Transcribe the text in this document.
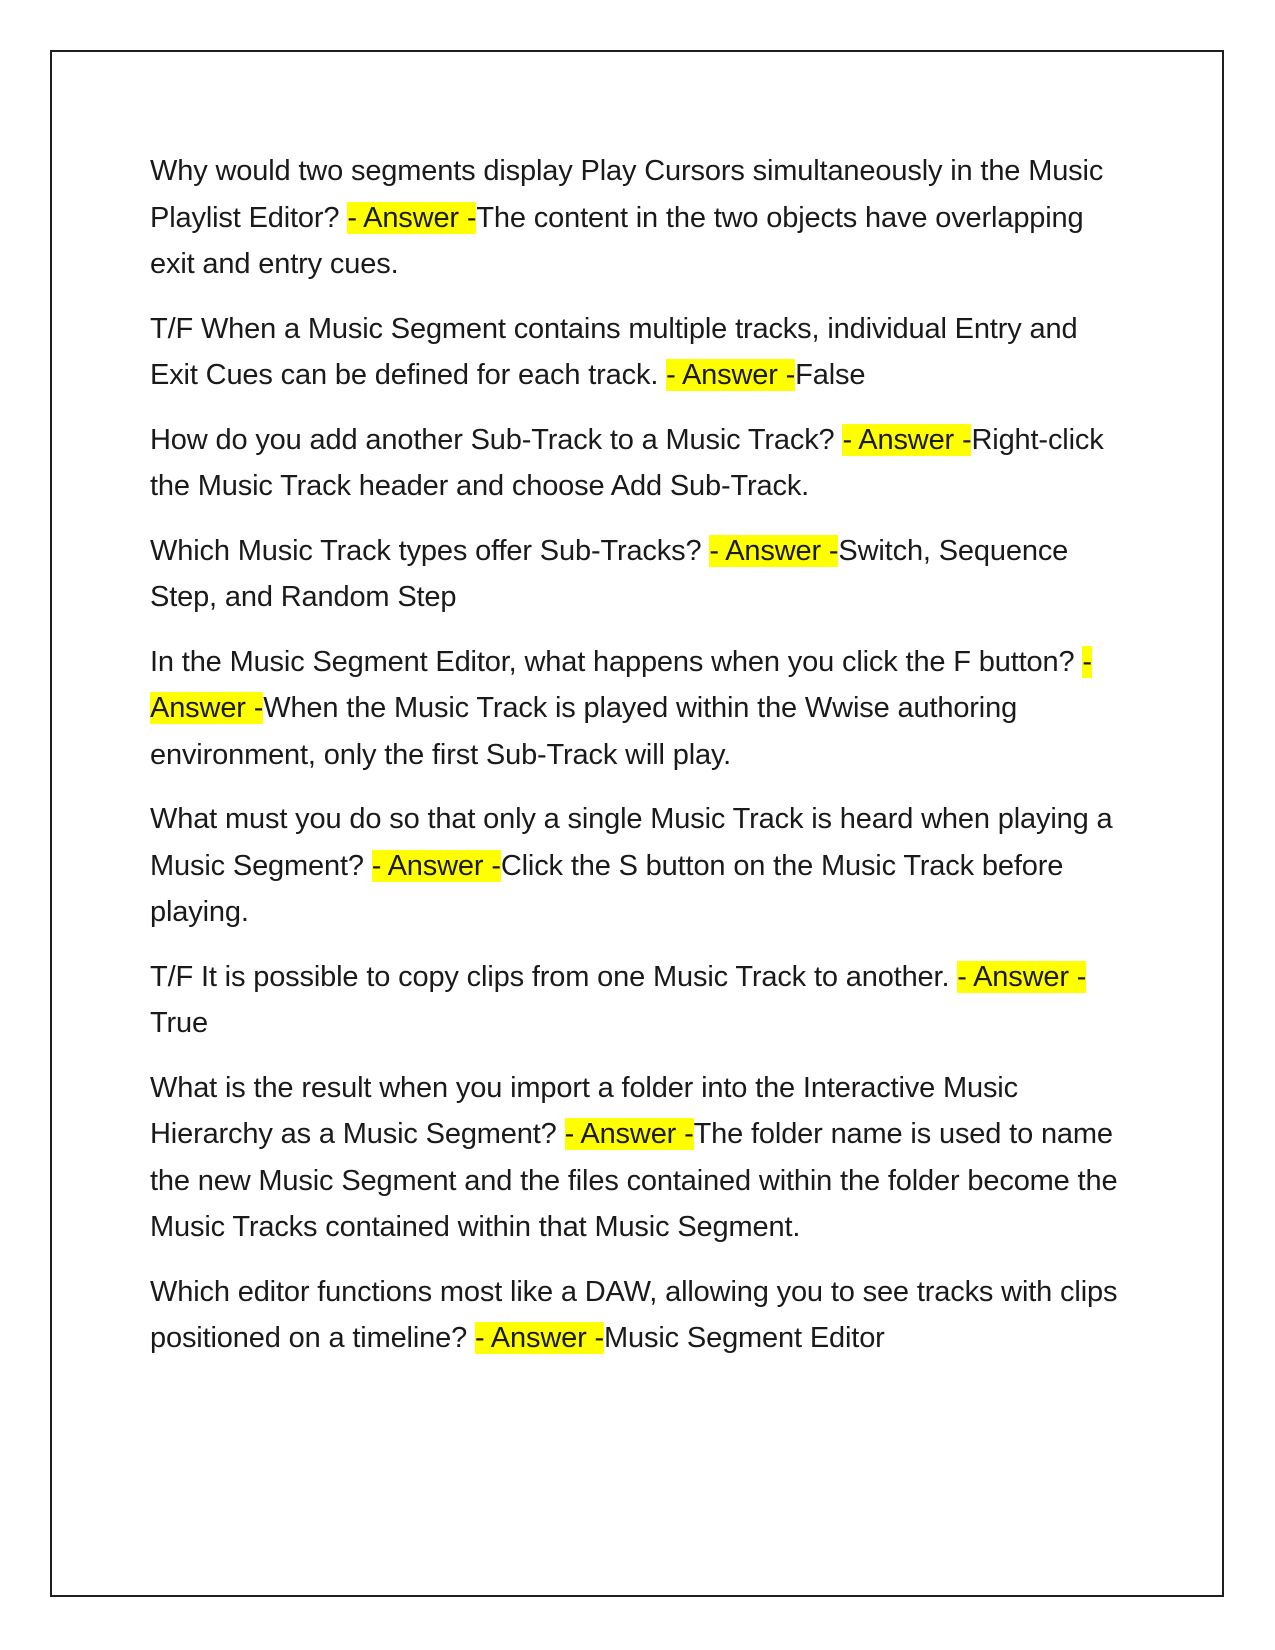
Why would two segments display Play Cursors simultaneously in the Music Playlist Editor? - Answer -The content in the two objects have overlapping exit and entry cues.

T/F When a Music Segment contains multiple tracks, individual Entry and Exit Cues can be defined for each track. - Answer -False

How do you add another Sub-Track to a Music Track? - Answer -Right-click the Music Track header and choose Add Sub-Track.

Which Music Track types offer Sub-Tracks? - Answer -Switch, Sequence Step, and Random Step

In the Music Segment Editor, what happens when you click the F button? - Answer -When the Music Track is played within the Wwise authoring environment, only the first Sub-Track will play.

What must you do so that only a single Music Track is heard when playing a Music Segment? - Answer -Click the S button on the Music Track before playing.

T/F It is possible to copy clips from one Music Track to another. - Answer -True

What is the result when you import a folder into the Interactive Music Hierarchy as a Music Segment? - Answer -The folder name is used to name the new Music Segment and the files contained within the folder become the Music Tracks contained within that Music Segment.

Which editor functions most like a DAW, allowing you to see tracks with clips positioned on a timeline? - Answer -Music Segment Editor
